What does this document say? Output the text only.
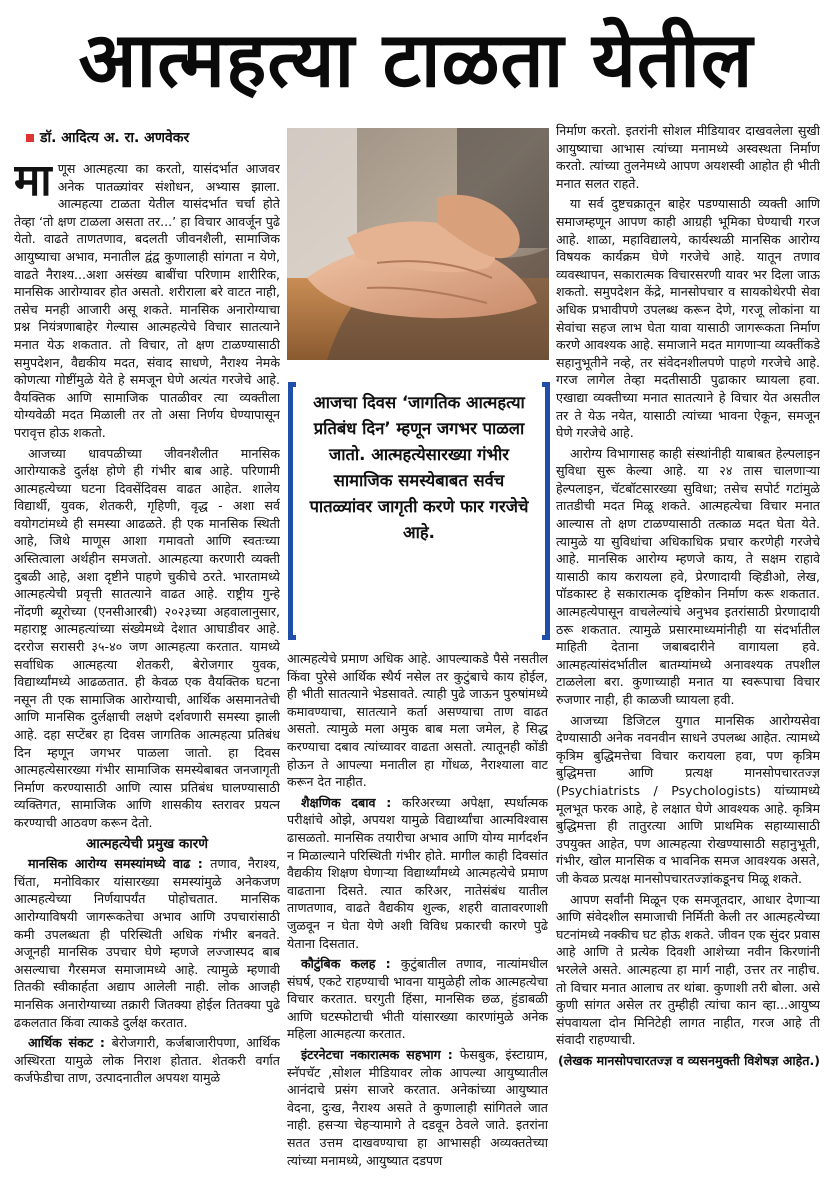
आत्महत्या टाळता येतील
डॉ. आदित्य अ. रा. अणवेकर

माणूस आत्महत्या का करतो, यासंदर्भात आजवर अनेक पातळ्यांवर संशोधन, अभ्यास झाला. आत्महत्या टाळता येतील यासंदर्भात चर्चा होते तेव्हा ‘तो क्षण टाळला असता तर...’ हा विचार आवर्जून पुढे येतो. वाढते ताणतणाव, बदलती जीवनशैली, सामाजिक आयुष्याचा अभाव, मनातील द्वंद्व कुणालाही सांगता न येणे, वाढते नैराश्य...अशा असंख्य बाबींचा परिणाम शारीरिक, मानसिक आरोग्यावर होत असतो. शरीराला बरे वाटत नाही, तसेच मनही आजारी असू शकते. मानसिक अनारोग्याचा प्रश्न नियंत्रणाबाहेर गेल्यास आत्महत्येचे विचार सातत्याने मनात येऊ शकतात. तो विचार, तो क्षण टाळण्यासाठी समुपदेशन, वैद्यकीय मदत, संवाद साधणे, नैराश्य नेमके कोणत्या गोष्टींमुळे येते हे समजून घेणे अत्यंत गरजेचे आहे. वैयक्तिक आणि सामाजिक पातळीवर त्या व्यक्तीला योग्यवेळी मदत मिळाली तर तो असा निर्णय घेण्यापासून परावृत्त होऊ शकतो.

आजच्या धावपळीच्या जीवनशैलीत मानसिक आरोग्याकडे दुर्लक्ष होणे ही गंभीर बाब आहे. परिणामी आत्महत्येच्या घटना दिवसेंदिवस वाढत आहेत. शालेय विद्यार्थी, युवक, शेतकरी, गृहिणी, वृद्ध - अशा सर्व वयोगटांमध्ये ही समस्या आढळते. ही एक मानसिक स्थिती आहे, जिथे माणूस आशा गमावतो आणि स्वतःच्या अस्तित्वाला अर्थहीन समजतो. आत्महत्या करणारी व्यक्ती दुबळी आहे, अशा दृष्टीने पाहणे चुकीचे ठरते. भारतामध्ये आत्महत्येची प्रवृत्ती सातत्याने वाढत आहे. राष्ट्रीय गुन्हे नोंदणी ब्यूरोच्या (एनसीआरबी) २०२३च्या अहवालानुसार, महाराष्ट्र आत्महत्यांच्या संख्येमध्ये देशात आघाडीवर आहे. दररोज सरासरी ३५-४० जण आत्महत्या करतात. यामध्ये सर्वाधिक आत्महत्या शेतकरी, बेरोजगार युवक, विद्यार्थ्यांमध्ये आढळतात. ही केवळ एक वैयक्तिक घटना नसून ती एक सामाजिक आरोग्याची, आर्थिक असमानतेची आणि मानसिक दुर्लक्षाची लक्षणे दर्शवणारी समस्या झाली आहे. दहा सप्टेंबर हा दिवस जागतिक आत्महत्या प्रतिबंध दिन म्हणून जगभर पाळला जातो. हा दिवस आत्महत्येसारख्या गंभीर सामाजिक समस्येबाबत जनजागृती निर्माण करण्यासाठी आणि त्यास प्रतिबंध घालण्यासाठी व्यक्तिगत, सामाजिक आणि शासकीय स्तरावर प्रयत्न करण्याची आठवण करून देतो.

आत्महत्येची प्रमुख कारणे

मानसिक आरोग्य समस्यांमध्ये वाढ : तणाव, नैराश्य, चिंता, मनोविकार यांसारख्या समस्यांमुळे अनेकजण आत्महत्येच्या निर्णयापर्यंत पोहोचतात. मानसिक आरोग्याविषयी जागरूकतेचा अभाव आणि उपचारांसाठी कमी उपलब्धता ही परिस्थिती अधिक गंभीर बनवते. अजूनही मानसिक उपचार घेणे म्हणजे लज्जास्पद बाब असल्याचा गैरसमज समाजामध्ये आहे. त्यामुळे म्हणावी तितकी स्वीकार्हता अद्याप आलेली नाही. लोक आजही मानसिक अनारोग्याच्या तक्रारी जितक्या होईल तितक्या पुढे ढकलतात किंवा त्याकडे दुर्लक्ष करतात.

आर्थिक संकट : बेरोजगारी, कर्जबाजारीपणा, आर्थिक अस्थिरता यामुळे लोक निराश होतात. शेतकरी वर्गात कर्जफेडीचा ताण, उत्पादनातील अपयश यामुळे

आजचा दिवस ‘जागतिक आत्महत्या प्रतिबंध दिन’ म्हणून जगभर पाळला जातो. आत्महत्येसारख्या गंभीर सामाजिक समस्येबाबत सर्वच पातळ्यांवर जागृती करणे फार गरजेचे आहे.

आत्महत्येचे प्रमाण अधिक आहे. आपल्याकडे पैसे नसतील किंवा पुरेसे आर्थिक स्थैर्य नसेल तर कुटुंबाचे काय होईल, ही भीती सातत्याने भेडसावते. त्याही पुढे जाऊन पुरुषांमध्ये कमावण्याचा, सातत्याने कर्ता असण्याचा ताण वाढत असतो. त्यामुळे मला अमुक बाब मला जमेल, हे सिद्ध करण्याचा दबाव त्यांच्यावर वाढता असतो. त्यातूनही कोंडी होऊन ते आपल्या मनातील हा गोंधळ, नैराश्याला वाट करून देत नाहीत.

शैक्षणिक दबाव : करिअरच्या अपेक्षा, स्पर्धात्मक परीक्षांचे ओझे, अपयश यामुळे विद्यार्थ्यांचा आत्मविश्वास ढासळतो. मानसिक तयारीचा अभाव आणि योग्य मार्गदर्शन न मिळाल्याने परिस्थिती गंभीर होते. मागील काही दिवसांत वैद्यकीय शिक्षण घेणाऱ्या विद्यार्थ्यांमध्ये आत्महत्येचे प्रमाण वाढताना दिसते. त्यात करिअर, नातेसंबंध यातील ताणतणाव, वाढते वैद्यकीय शुल्क, शहरी वातावरणाशी जुळवून न घेता येणे अशी विविध प्रकारची कारणे पुढे येताना दिसतात.

कौटुंबिक कलह : कुटुंबातील तणाव, नात्यांमधील संघर्ष, एकटे राहण्याची भावना यामुळेही लोक आत्महत्येचा विचार करतात. घरगुती हिंसा, मानसिक छळ, हुंडाबळी आणि घटस्फोटाची भीती यांसारख्या कारणांमुळे अनेक महिला आत्महत्या करतात.

इंटरनेटचा नकारात्मक सहभाग : फेसबुक, इंस्टाग्राम, स्नॅपचॅट ,सोशल मीडियावर लोक आपल्या आयुष्यातील आनंदाचे प्रसंग साजरे करतात. अनेकांच्या आयुष्यात वेदना, दुःख, नैराश्य असते ते कुणालाही सांगितले जात नाही. हसऱ्या चेहऱ्यामागे ते दडवून ठेवले जाते. इतरांना सतत उत्तम दाखवण्याचा हा आभासही अव्यक्ततेच्या त्यांच्या मनामध्ये, आयुष्यात दडपण

निर्माण करतो. इतरांनी सोशल मीडियावर दाखवलेला सुखी आयुष्याचा आभास त्यांच्या मनामध्ये अस्वस्थता निर्माण करतो. त्यांच्या तुलनेमध्ये आपण अयशस्वी आहोत ही भीती मनात सलत राहते.

या सर्व दुष्टचक्रातून बाहेर पडण्यासाठी व्यक्ती आणि समाजम्हणून आपण काही आग्रही भूमिका घेण्याची गरज आहे. शाळा, महाविद्यालये, कार्यस्थळी मानसिक आरोग्य विषयक कार्यक्रम घेणे गरजेचे आहे. यातून तणाव व्यवस्थापन, सकारात्मक विचारसरणी यावर भर दिला जाऊ शकतो. समुपदेशन केंद्रे, मानसोपचार व सायकोथेरपी सेवा अधिक प्रभावीपणे उपलब्ध करून देणे, गरजू लोकांना या सेवांचा सहज लाभ घेता यावा यासाठी जागरूकता निर्माण करणे आवश्यक आहे. समाजाने मदत मागणाऱ्या व्यक्तींकडे सहानुभूतीने नव्हे, तर संवेदनशीलपणे पाहणे गरजेचे आहे. गरज लागेल तेव्हा मदतीसाठी पुढाकार घ्यायला हवा. एखाद्या व्यक्तीच्या मनात सातत्याने हे विचार येत असतील तर ते येऊ नयेत, यासाठी त्यांच्या भावना ऐकून, समजून घेणे गरजेचे आहे.

आरोग्य विभागासह काही संस्थांनीही याबाबत हेल्पलाइन सुविधा सुरू केल्या आहे. या २४ तास चालणाऱ्या हेल्पलाइन, चॅटबॉटसारख्या सुविधा; तसेच सपोर्ट गटांमुळे तातडीची मदत मिळू शकते. आत्महत्येचा विचार मनात आल्यास तो क्षण टाळण्यासाठी तत्काळ मदत घेता येते. त्यामुळे या सुविधांचा अधिकाधिक प्रचार करणेही गरजेचे आहे. मानसिक आरोग्य म्हणजे काय, ते सक्षम राहावे यासाठी काय करायला हवे, प्रेरणादायी व्हिडीओ, लेख, पॉडकास्ट हे सकारात्मक दृष्टिकोन निर्माण करू शकतात. आत्महत्येपासून वाचलेल्यांचे अनुभव इतरांसाठी प्रेरणादायी ठरू शकतात. त्यामुळे प्रसारमाध्यमांनीही या संदर्भातील माहिती देताना जबाबदारीने वागायला हवे. आत्महत्यांसंदर्भातील बातम्यांमध्ये अनावश्यक तपशील टाळलेला बरा. कुणाच्याही मनात या स्वरूपाचा विचार रुजणार नाही, ही काळजी घ्यायला हवी.

आजच्या डिजिटल युगात मानसिक आरोग्यसेवा देण्यासाठी अनेक नवनवीन साधने उपलब्ध आहेत. त्यामध्ये कृत्रिम बुद्धिमत्तेचा विचार करायला हवा, पण कृत्रिम बुद्धिमत्ता आणि प्रत्यक्ष मानसोपचारतज्ज्ञ (Psychiatrists / Psychologists) यांच्यामध्ये मूलभूत फरक आहे, हे लक्षात घेणे आवश्यक आहे. कृत्रिम बुद्धिमत्ता ही तातुरत्या आणि प्राथमिक सहाय्यासाठी उपयुक्त आहेत, पण आत्महत्या रोखण्यासाठी सहानुभूती, गंभीर, खोल मानसिक व भावनिक समज आवश्यक असते, जी केवळ प्रत्यक्ष मानसोपचारतज्ज्ञांकडूनच मिळू शकते.

आपण सर्वांनी मिळून एक समजूतदार, आधार देणाऱ्या आणि संवेदशील समाजाची निर्मिती केली तर आत्महत्येच्या घटनांमध्ये नक्कीच घट होऊ शकते. जीवन एक सुंदर प्रवास आहे आणि ते प्रत्येक दिवशी आशेच्या नवीन किरणांनी भरलेले असते. आत्महत्या हा मार्ग नाही, उत्तर तर नाहीच. तो विचार मनात आलाच तर थांबा. कुणाशी तरी बोला. असे कुणी सांगत असेल तर तुम्हीही त्यांचा कान व्हा...आयुष्य संपवायला दोन मिनिटेही लागत नाहीत, गरज आहे ती संवादी राहण्याची.

(लेखक मानसोपचारतज्ज्ञ व व्यसनमुक्ती विशेषज्ञ आहेत.)
